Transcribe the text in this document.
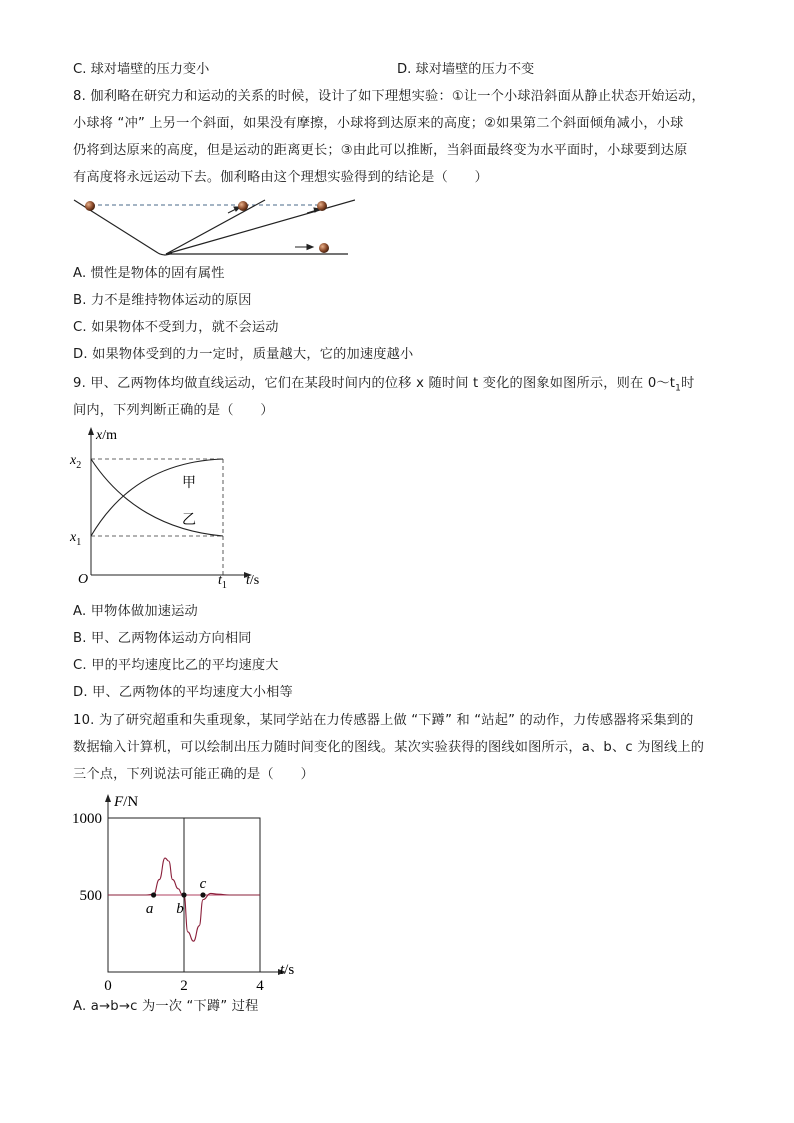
C. 球对墙壁的压力变小	D. 球对墙壁的压力不变
8. 伽利略在研究力和运动的关系的时候，设计了如下理想实验：①让一个小球沿斜面从静止状态开始运动，
小球将 “冲” 上另一个斜面，如果没有摩擦，小球将到达原来的高度；②如果第二个斜面倾角减小，小球
仍将到达原来的高度，但是运动的距离更长；③由此可以推断，当斜面最终变为水平面时，小球要到达原
有高度将永远运动下去。伽利略由这个理想实验得到的结论是（　　）
A. 惯性是物体的固有属性
B. 力不是维持物体运动的原因
C. 如果物体不受到力，就不会运动
D. 如果物体受到的力一定时，质量越大，它的加速度越小
9. 甲、乙两物体均做直线运动，它们在某段时间内的位移 x 随时间 t 变化的图象如图所示，则在 $0\sim t_1$时
间内，下列判断正确的是（　　）
x/m
$x_2$
$x_1$
O	$t_1$ t/s
甲
乙
A. 甲物体做加速运动
B. 甲、乙两物体运动方向相同
C. 甲的平均速度比乙的平均速度大
D. 甲、乙两物体的平均速度大小相等
10. 为了研究超重和失重现象，某同学站在力传感器上做 “下蹲” 和 “站起” 的动作，力传感器将采集到的
数据输入计算机，可以绘制出压力随时间变化的图线。某次实验获得的图线如图所示，a、b、c 为图线上的
三个点，下列说法可能正确的是（　　）
500
1000
0	2	4
F/N
t/s
a b
c
A. a→b→c 为一次 “下蹲” 过程
